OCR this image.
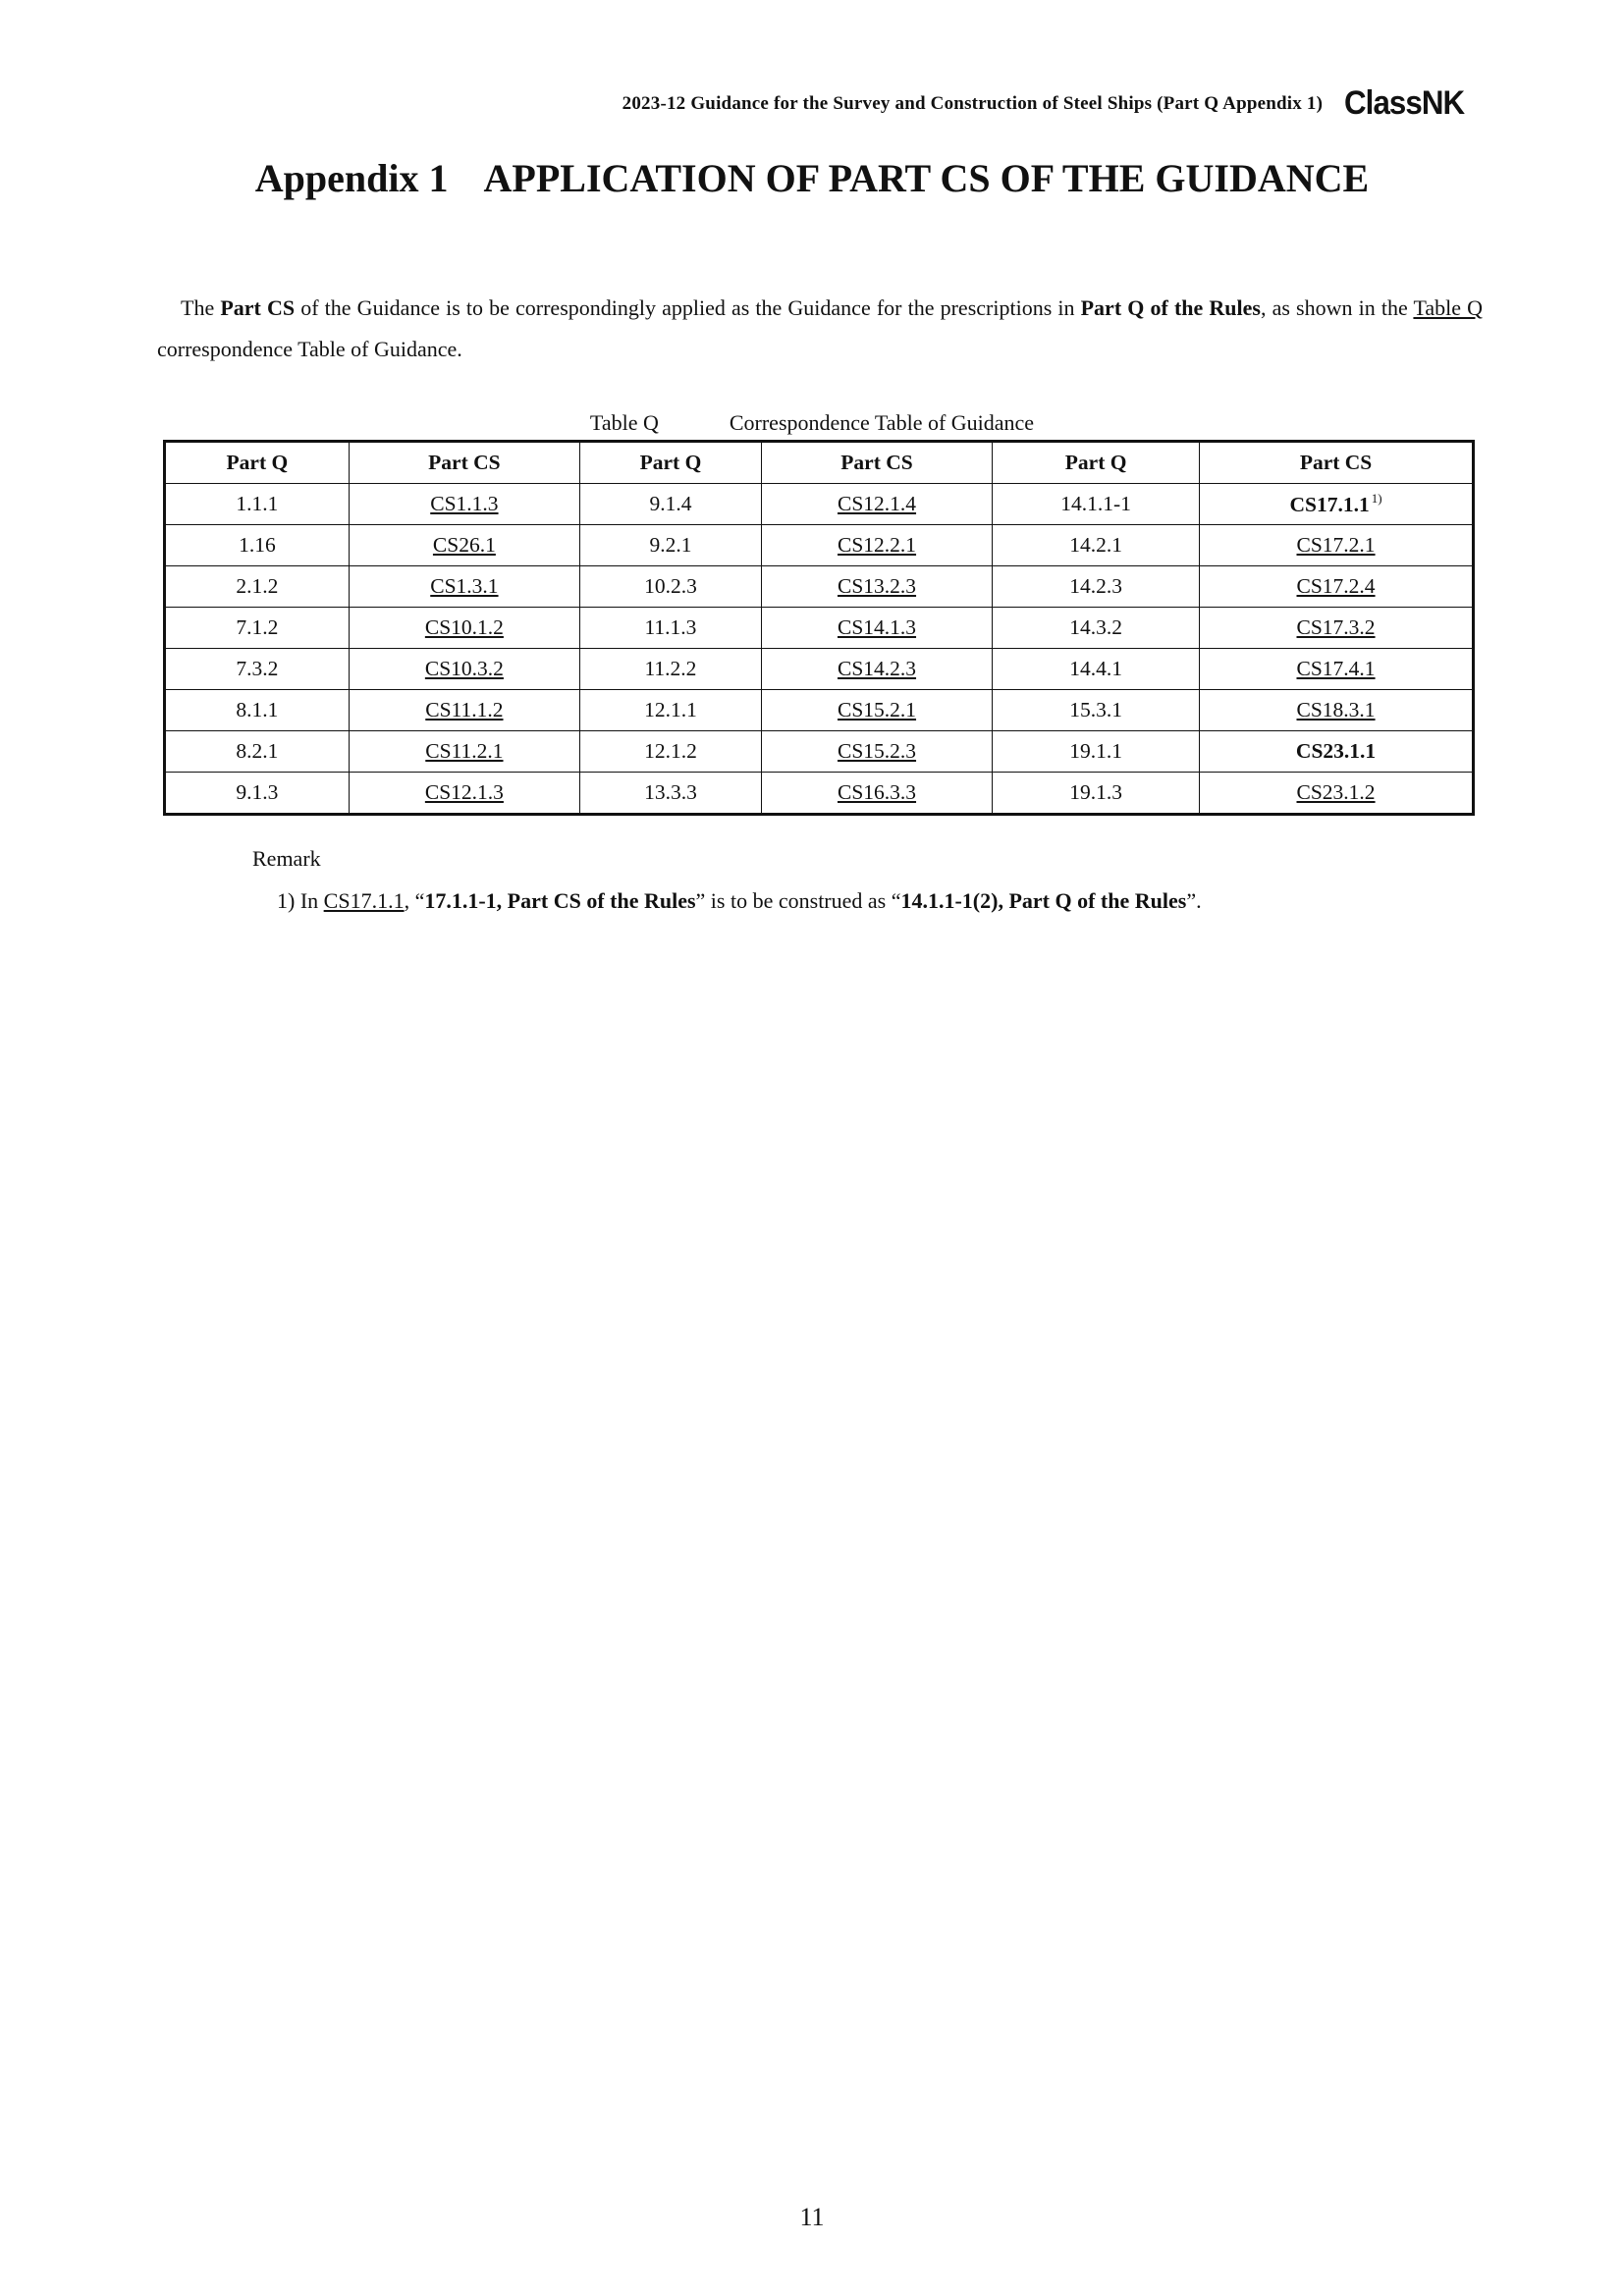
2023-12 Guidance for the Survey and Construction of Steel Ships (Part Q Appendix 1) ClassNK
Appendix 1 APPLICATION OF PART CS OF THE GUIDANCE

The Part CS of the Guidance is to be correspondingly applied as the Guidance for the prescriptions in Part Q of the Rules, as shown in the Table Q correspondence Table of Guidance.

Table Q	Correspondence Table of Guidance
Part Q	Part CS	Part Q	Part CS	Part Q	Part CS
1.1.1	CS1.1.3	9.1.4	CS12.1.4	14.1.1-1	CS17.1.1 $^{1)}$
1.16	CS26.1	9.2.1	CS12.2.1	14.2.1	CS17.2.1
2.1.2	CS1.3.1	10.2.3	CS13.2.3	14.2.3	CS17.2.4
7.1.2	CS10.1.2	11.1.3	CS14.1.3	14.3.2	CS17.3.2
7.3.2	CS10.3.2	11.2.2	CS14.2.3	14.4.1	CS17.4.1
8.1.1	CS11.1.2	12.1.1	CS15.2.1	15.3.1	CS18.3.1
8.2.1	CS11.2.1	12.1.2	CS15.2.3	19.1.1	CS23.1.1
9.1.3	CS12.1.3	13.3.3	CS16.3.3	19.1.3	CS23.1.2
Remark
1) In CS17.1.1, “17.1.1-1, Part CS of the Rules” is to be construed as “14.1.1-1(2), Part Q of the Rules”.
11
